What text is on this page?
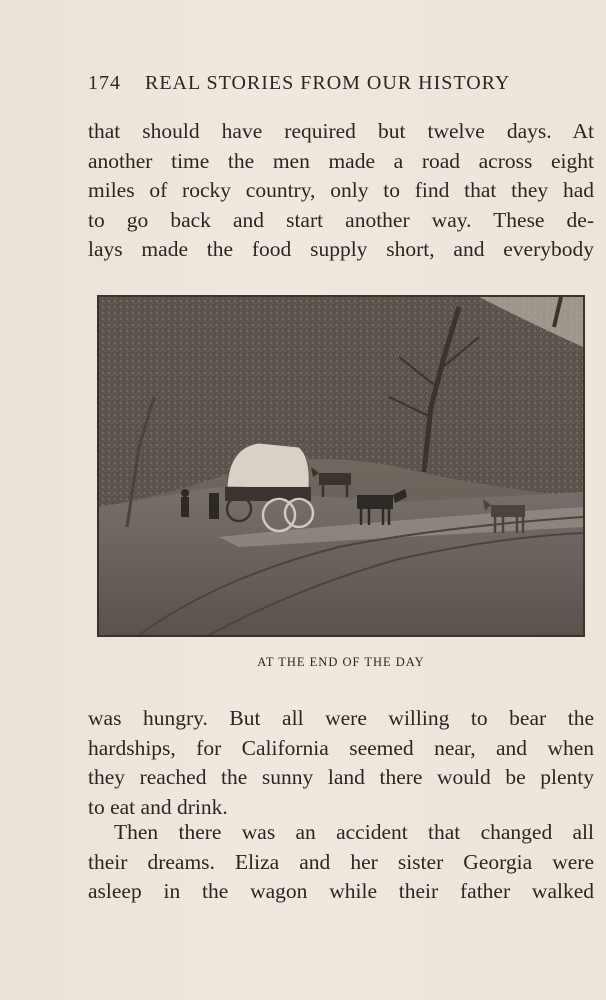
174 REAL STORIES FROM OUR HISTORY
that should have required but twelve days. At
another time the men made a road across eight
miles of rocky country, only to find that they had
to go back and start another way. These de-
lays made the food supply short, and everybody
AT THE END OF THE DAY
was hungry. But all were willing to bear the
hardships, for California seemed near, and when
they reached the sunny land there would be plenty
to eat and drink.
Then there was an accident that changed all
their dreams. Eliza and her sister Georgia were
asleep in the wagon while their father walked
